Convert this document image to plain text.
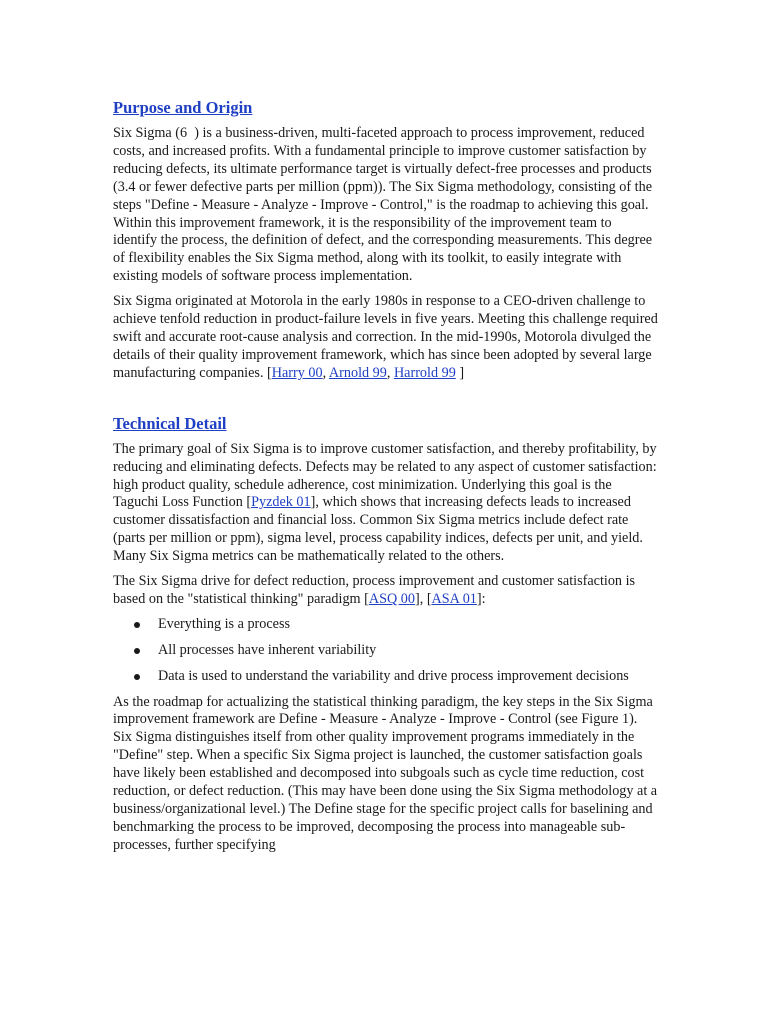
Purpose and Origin

Six Sigma (6  ) is a business-driven, multi-faceted approach to process improvement, reduced costs, and increased profits. With a fundamental principle to improve customer satisfaction by reducing defects, its ultimate performance target is virtually defect-free processes and products (3.4 or fewer defective parts per million (ppm)). The Six Sigma methodology, consisting of the steps "Define - Measure - Analyze - Improve - Control," is the roadmap to achieving this goal. Within this improvement framework, it is the responsibility of the improvement team to identify the process, the definition of defect, and the corresponding measurements. This degree of flexibility enables the Six Sigma method, along with its toolkit, to easily integrate with existing models of software process implementation.

Six Sigma originated at Motorola in the early 1980s in response to a CEO-driven challenge to achieve tenfold reduction in product-failure levels in five years. Meeting this challenge required swift and accurate root-cause analysis and correction. In the mid-1990s, Motorola divulged the details of their quality improvement framework, which has since been adopted by several large manufacturing companies. [Harry 00, Arnold 99, Harrold 99 ]

Technical Detail

The primary goal of Six Sigma is to improve customer satisfaction, and thereby profitability, by reducing and eliminating defects. Defects may be related to any aspect of customer satisfaction: high product quality, schedule adherence, cost minimization. Underlying this goal is the Taguchi Loss Function [Pyzdek 01], which shows that increasing defects leads to increased customer dissatisfaction and financial loss. Common Six Sigma metrics include defect rate (parts per million or ppm), sigma level, process capability indices, defects per unit, and yield. Many Six Sigma metrics can be mathematically related to the others.

The Six Sigma drive for defect reduction, process improvement and customer satisfaction is based on the "statistical thinking" paradigm [ASQ 00], [ASA 01]:

Everything is a process
All processes have inherent variability
Data is used to understand the variability and drive process improvement decisions

As the roadmap for actualizing the statistical thinking paradigm, the key steps in the Six Sigma improvement framework are Define - Measure - Analyze - Improve - Control (see Figure 1). Six Sigma distinguishes itself from other quality improvement programs immediately in the "Define" step. When a specific Six Sigma project is launched, the customer satisfaction goals have likely been established and decomposed into subgoals such as cycle time reduction, cost reduction, or defect reduction. (This may have been done using the Six Sigma methodology at a business/organizational level.) The Define stage for the specific project calls for baselining and benchmarking the process to be improved, decomposing the process into manageable sub-processes, further specifying
